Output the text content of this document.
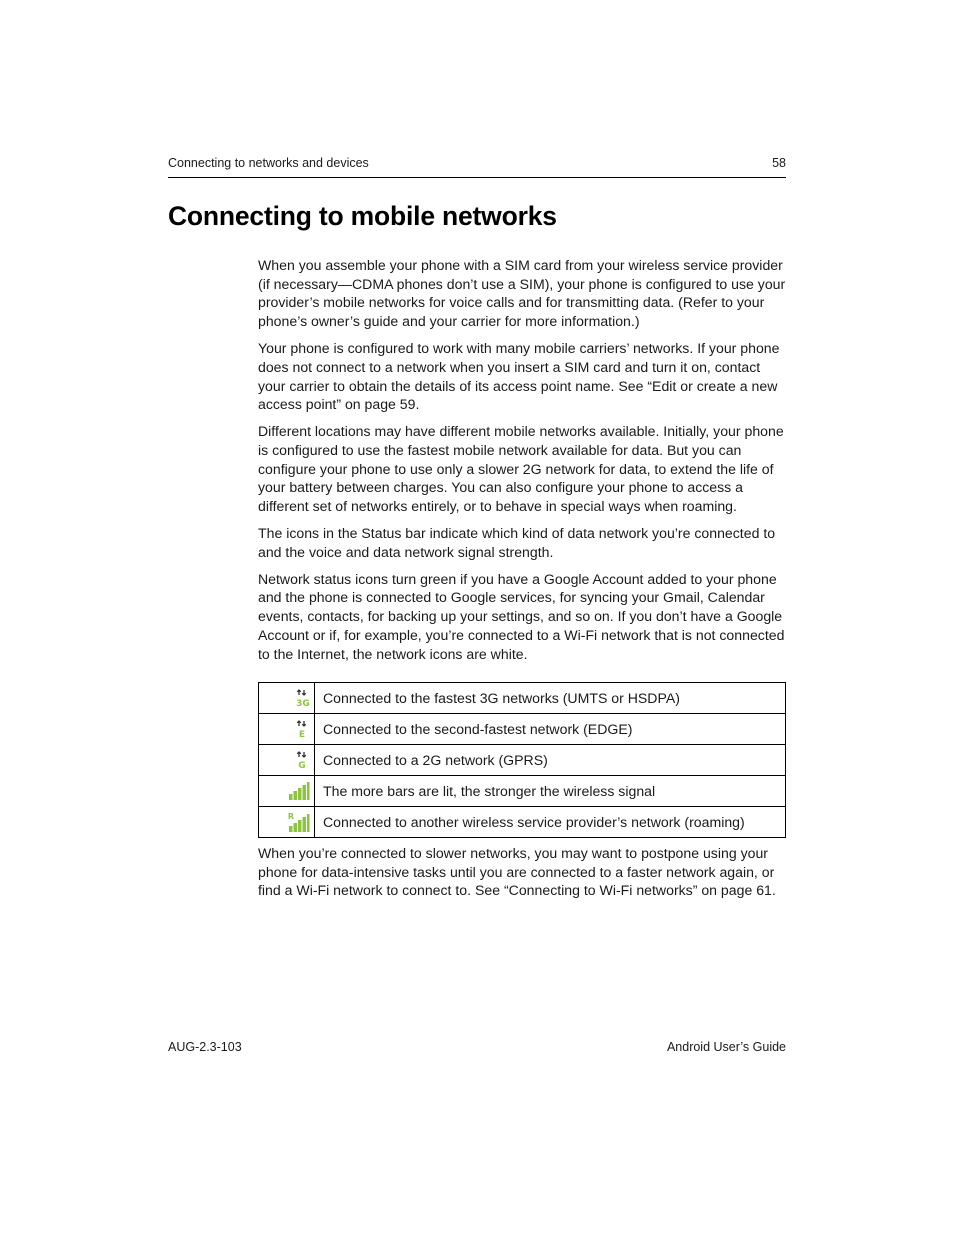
Connecting to networks and devices	58
Connecting to mobile networks

When you assemble your phone with a SIM card from your wireless service provider (if necessary—CDMA phones don’t use a SIM), your phone is configured to use your provider’s mobile networks for voice calls and for transmitting data. (Refer to your phone’s owner’s guide and your carrier for more information.)

Your phone is configured to work with many mobile carriers’ networks. If your phone does not connect to a network when you insert a SIM card and turn it on, contact your carrier to obtain the details of its access point name. See “Edit or create a new access point” on page 59.

Different locations may have different mobile networks available. Initially, your phone is configured to use the fastest mobile network available for data. But you can configure your phone to use only a slower 2G network for data, to extend the life of your battery between charges. You can also configure your phone to access a different set of networks entirely, or to behave in special ways when roaming.

The icons in the Status bar indicate which kind of data network you’re connected to and the voice and data network signal strength.

Network status icons turn green if you have a Google Account added to your phone and the phone is connected to Google services, for syncing your Gmail, Calendar events, contacts, for backing up your settings, and so on. If you don’t have a Google Account or if, for example, you’re connected to a Wi-Fi network that is not connected to the Internet, the network icons are white.

3G	Connected to the fastest 3G networks (UMTS or HSDPA)

E	Connected to the second-fastest network (EDGE)

G	Connected to a 2G network (GPRS)
	The more bars are lit, the stronger the wireless signal

R	Connected to another wireless service provider’s network (roaming)

When you’re connected to slower networks, you may want to postpone using your phone for data-intensive tasks until you are connected to a faster network again, or find a Wi-Fi network to connect to. See “Connecting to Wi-Fi networks” on page 61.

AUG-2.3-103	Android User’s Guide
